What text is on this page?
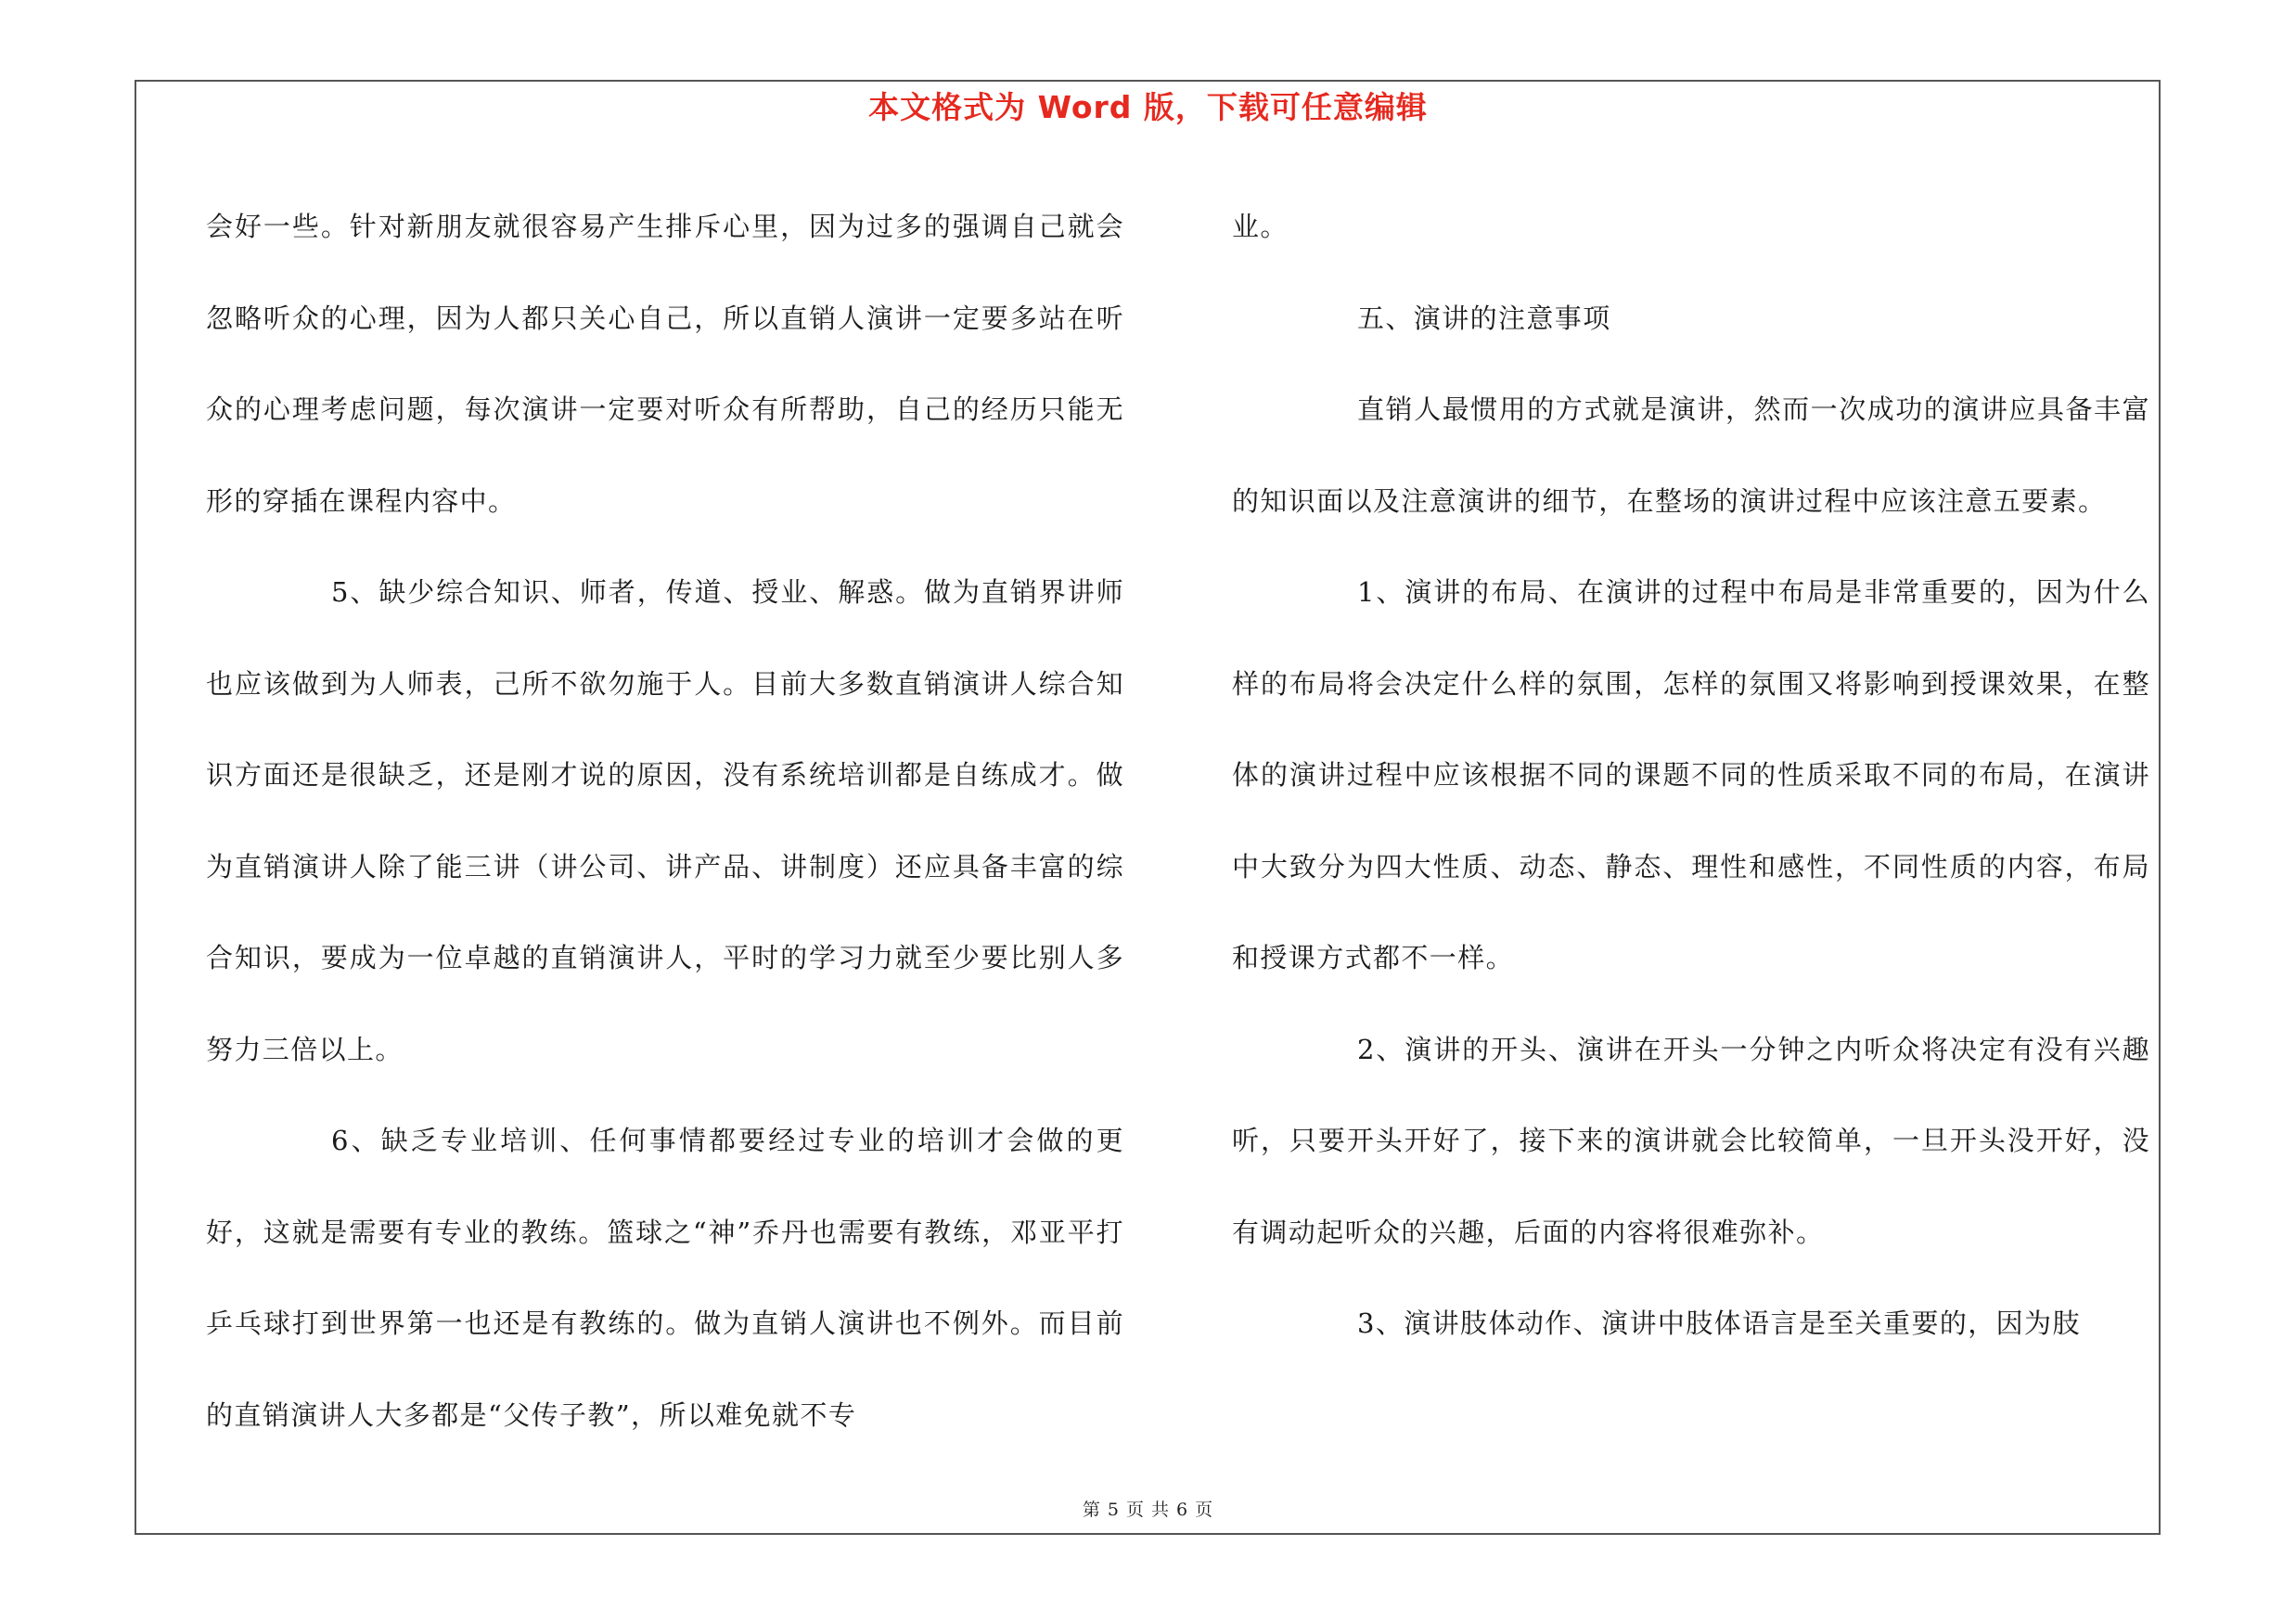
本文格式为 Word 版，下载可任意编辑

会好一些。针对新朋友就很容易产生排斥心里，因为过多的强调自己就会忽略听众的心理，因为人都只关心自己，所以直销人演讲一定要多站在听众的心理考虑问题，每次演讲一定要对听众有所帮助，自己的经历只能无形的穿插在课程内容中。

5、缺少综合知识、师者，传道、授业、解惑。做为直销界讲师也应该做到为人师表，己所不欲勿施于人。目前大多数直销演讲人综合知识方面还是很缺乏，还是刚才说的原因，没有系统培训都是自练成才。做为直销演讲人除了能三讲（讲公司、讲产品、讲制度）还应具备丰富的综合知识，要成为一位卓越的直销演讲人，平时的学习力就至少要比别人多努力三倍以上。

6、缺乏专业培训、任何事情都要经过专业的培训才会做的更好，这就是需要有专业的教练。篮球之“神”乔丹也需要有教练，邓亚平打乒乓球打到世界第一也还是有教练的。做为直销人演讲也不例外。而目前的直销演讲人大多都是“父传子教”，所以难免就不专

业。

五、演讲的注意事项

直销人最惯用的方式就是演讲，然而一次成功的演讲应具备丰富的知识面以及注意演讲的细节，在整场的演讲过程中应该注意五要素。

1、演讲的布局、在演讲的过程中布局是非常重要的，因为什么样的布局将会决定什么样的氛围，怎样的氛围又将影响到授课效果，在整体的演讲过程中应该根据不同的课题不同的性质采取不同的布局，在演讲中大致分为四大性质、动态、静态、理性和感性，不同性质的内容，布局和授课方式都不一样。

2、演讲的开头、演讲在开头一分钟之内听众将决定有没有兴趣听，只要开头开好了，接下来的演讲就会比较简单，一旦开头没开好，没有调动起听众的兴趣，后面的内容将很难弥补。

3、演讲肢体动作、演讲中肢体语言是至关重要的，因为肢

第 5 页 共 6 页
